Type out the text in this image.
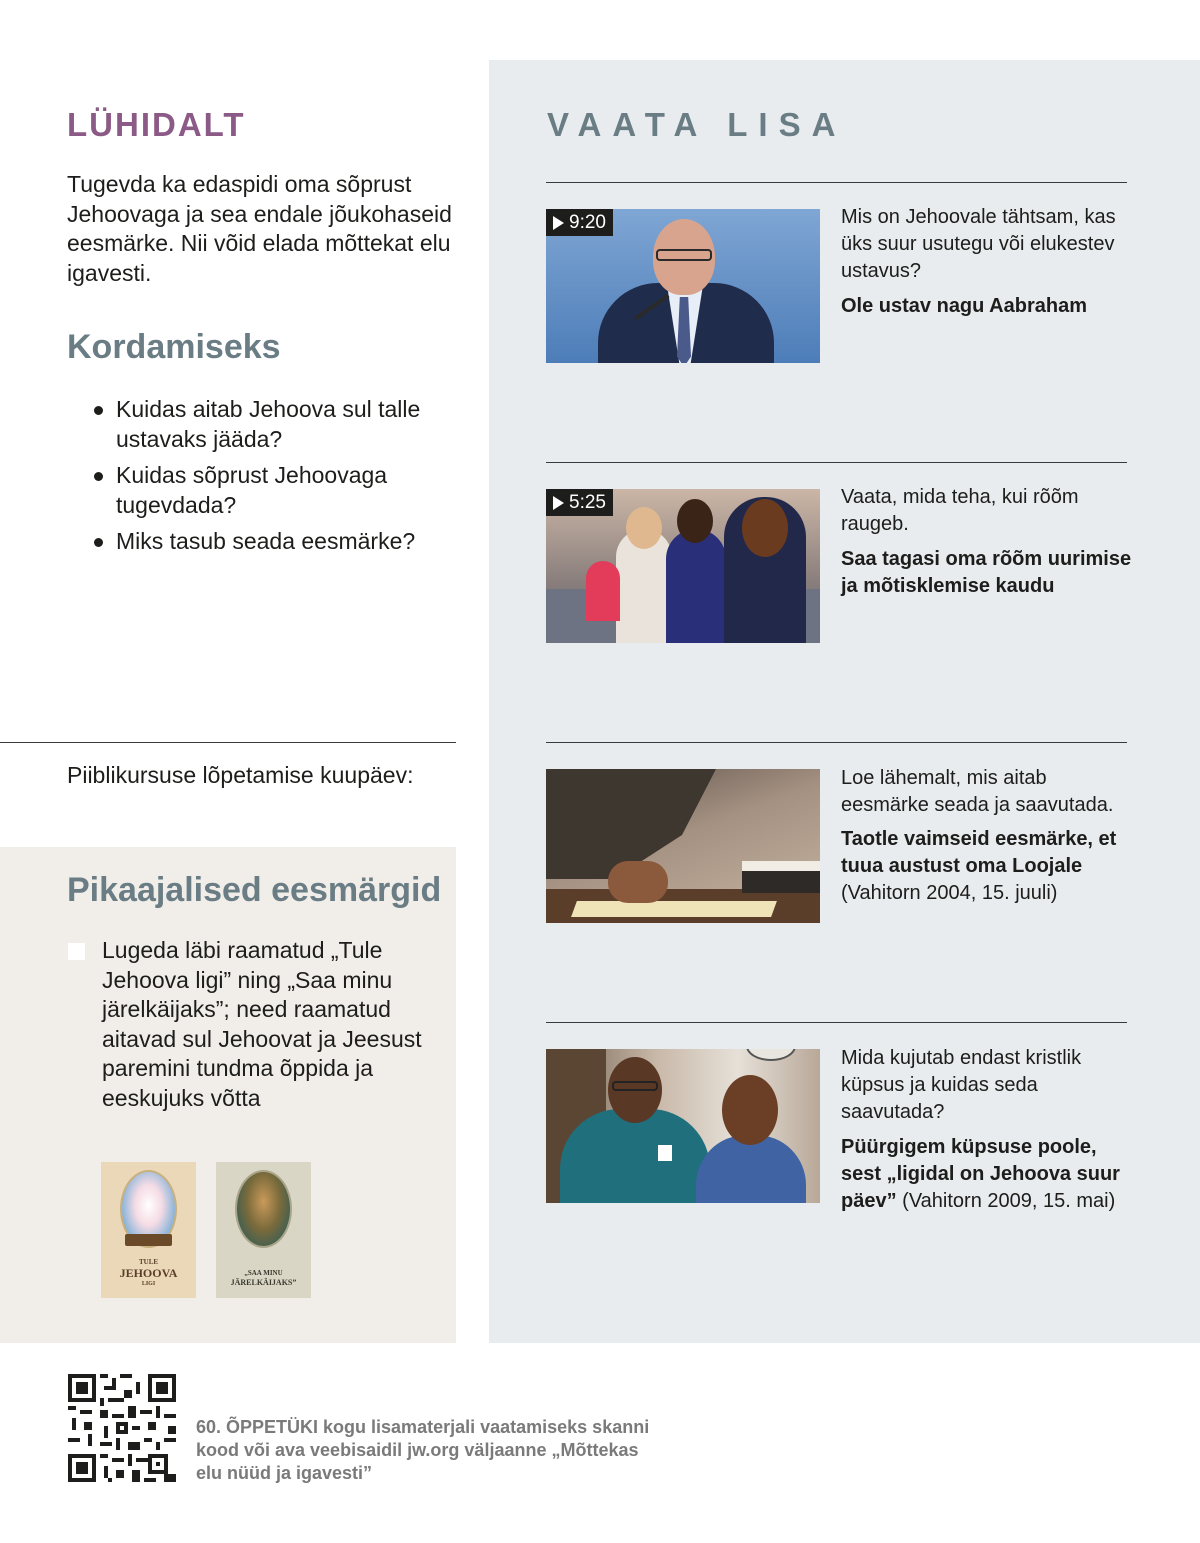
LÜHIDALT

Tugevda ka edaspidi oma sõprust Jehoovaga ja sea endale jõukohaseid eesmärke. Nii võid elada mõttekat elu igavesti.

Kordamiseks
Kuidas aitab Jehoova sul talle ustavaks jääda?
Kuidas sõprust Jehoovaga tugevdada?
Miks tasub seada eesmärke?
Piiblikursuse lõpetamise kuupäev:
Pikaajalised eesmärgid

Lugeda läbi raamatud „Tule Jehoova ligi” ning „Saa minu järelkäijaks”; need raamatud aitavad sul Jehoovat ja Jeesust paremini tundma õppida ja eeskujuks võtta

TULE
JEHOOVA
LIGI
„SAA MINU
JÄRELKÄIJAKS”
VAATA LISA
9:20	Mis on Jehoovale tähtsam, kas üks suur usutegu või elukestev ustavus?

Ole ustav nagu Aabraham

5:25	Vaata, mida teha, kui rõõm raugeb.

Saa tagasi oma rõõm uurimise ja mõtisklemise kaudu

Loe lähemalt, mis aitab eesmärke seada ja saavutada.

Taotle vaimseid eesmärke, et tuua austust oma Loojale (Vahitorn 2004, 15. juuli)

Mida kujutab endast kristlik küpsus ja kuidas seda saavutada?

Püürgigem küpsuse poole, sest „ligidal on Jehoova suur päev” (Vahitorn 2009, 15. mai)

60. ÕPPETÜKI kogu lisamaterjali vaatamiseks skanni kood või ava veebisaidil jw.org väljaanne „Mõttekas elu nüüd ja igavesti”
